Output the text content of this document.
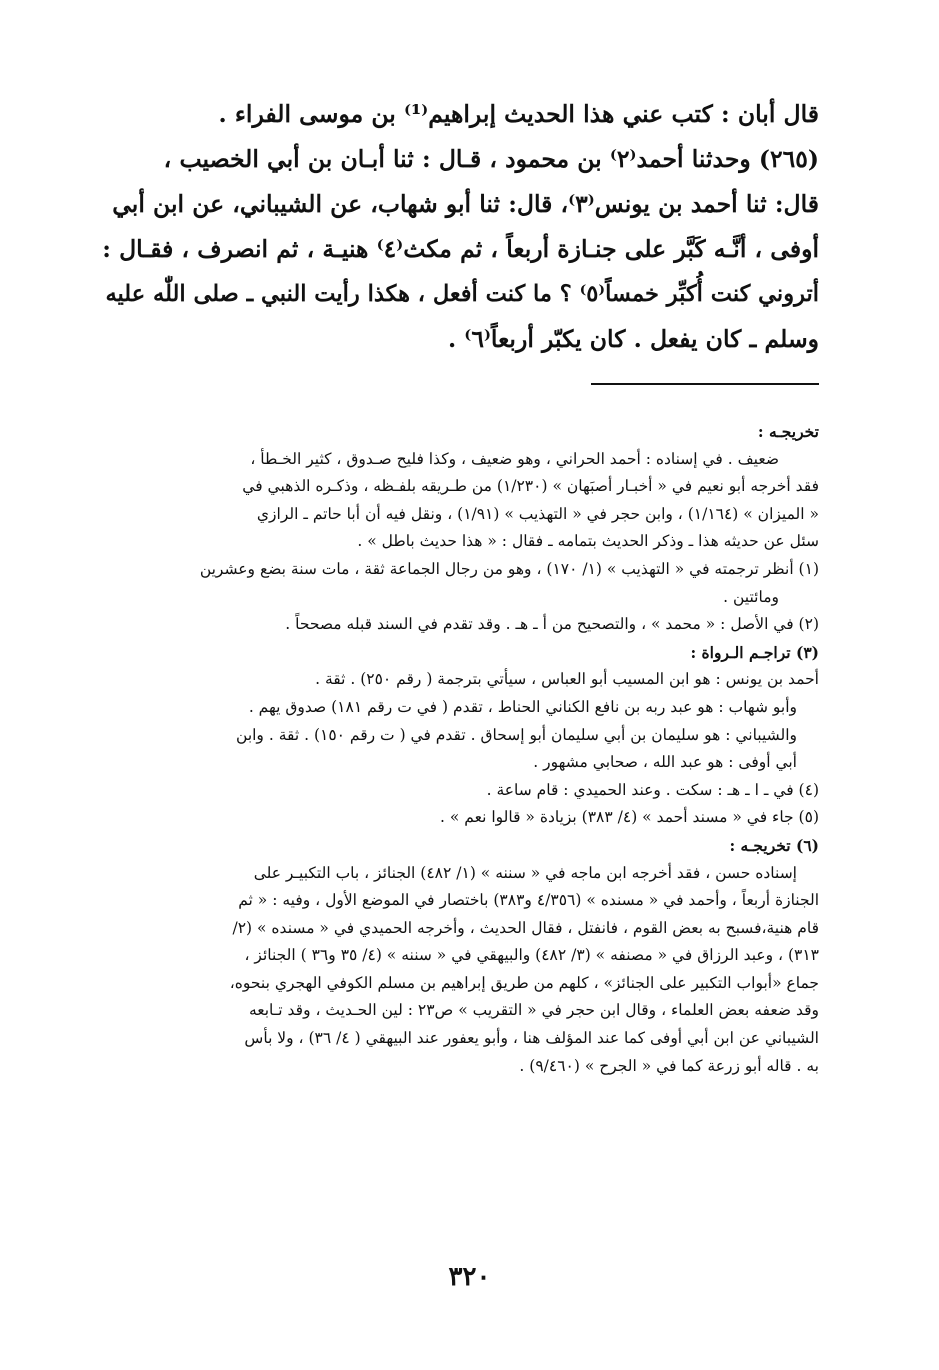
قال أبان : كتب عني هذا الحديث إبراهيم⁽¹⁾ بن موسى الفراء .

(٢٦٥) وحدثنا أحمد⁽٢⁾ بن محمود ، قـال : ثنا أبـان بن أبي الخصيب ،

قال: ثنا أحمد بن يونس⁽٣⁾، قال: ثنا أبو شهاب، عن الشيباني، عن ابن أبي

أوفى ، أنَّـه كَبَّر على جنـازة أربعاً ، ثم مكث⁽٤⁾ هنيـة ، ثم انصرف ، فقـال :

أتروني كنت أُكبِّر خمساً⁽٥⁾ ؟ ما كنت أفعل ، هكذا رأيت النبي ـ صلى اللّٰه عليه

وسلم ـ كان يفعل . كان يكبّر أربعاً⁽٦⁾ .

تخريجـه :

ضعيف . في إسناده : أحمد الحراني ، وهو ضعيف ، وكذا فليح صـدوق ، كثير الخـطأ ،

فقد أخرجه أبو نعيم في « أخبـار أصبَهان » (١/٢٣٠) من طـريقه بلفـظه ، وذكـره الذهبي في

« الميزان » (١/١٦٤) ، وابن حجر في « التهذيب » (١/٩١) ، ونقل فيه أن أبا حاتم ـ الرازي

سئل عن حديثه هذا ـ وذكر الحديث بتمامه ـ فقال : « هذا حديث باطل » .

(١) أنظر ترجمته في « التهذيب » (١/ ١٧٠) ، وهو من رجال الجماعة ثقة ، مات سنة بضع وعشرين

ومائتين .

(٢) في الأصل : « محمد » ، والتصحيح من أ ـ هـ . وقد تقدم في السند قبله مصححاً .

(٣) تراجـم الـرواة :

أحمد بن يونس : هو ابن المسيب أبو العباس ، سيأتي بترجمة ( رقم ٢٥٠) . ثقة .

وأبو شهاب : هو عبد ربه بن نافع الكناني الحناط ، تقدم ( في ت رقم ١٨١) صدوق يهم .

والشيباني : هو سليمان بن أبي سليمان أبو إسحاق . تقدم في ( ت رقم ١٥٠) . ثقة . وابن

أبي أوفى : هو عبد الله ، صحابي مشهور .

(٤) في ـ ا ـ هـ : سكت . وعند الحميدي : قام ساعة .

(٥) جاء في « مسند أحمد » (٤/ ٣٨٣) بزيادة « قالوا نعم » .

(٦) تخريجـه :

إسناده حسن ، فقد أخرجه ابن ماجه في « سننه » (١/ ٤٨٢) الجنائز ، باب التكبيـر على

الجنازة أربعاً ، وأحمد في « مسنده » (٤/٣٥٦ و٣٨٣) باختصار في الموضع الأول ، وفيه : « ثم

قام هنية،فسبح به بعض القوم ، فانفتل ، فقال الحديث ، وأخرجه الحميدي في « مسنده » (٢/

٣١٣) ، وعبد الرزاق في « مصنفه » (٣/ ٤٨٢) والبيهقي في « سننه » (٤/ ٣٥ و٣٦ ) الجنائز ،

جماع «أبواب التكبير على الجنائز» ، كلهم من طريق إبراهيم بن مسلم الكوفي الهجري بنحوه،

وقد ضعفه بعض العلماء ، وقال ابن حجر في « التقريب » ص٢٣ : لين الحـديث ، وقد تـابعه

الشيباني عن ابن أبي أوفى كما عند المؤلف هنا ، وأبو يعفور عند البيهقي ( ٤/ ٣٦) ، ولا بأس

به . قاله أبو زرعة كما في « الجرح » (٩/٤٦٠) .

٣٢٠
